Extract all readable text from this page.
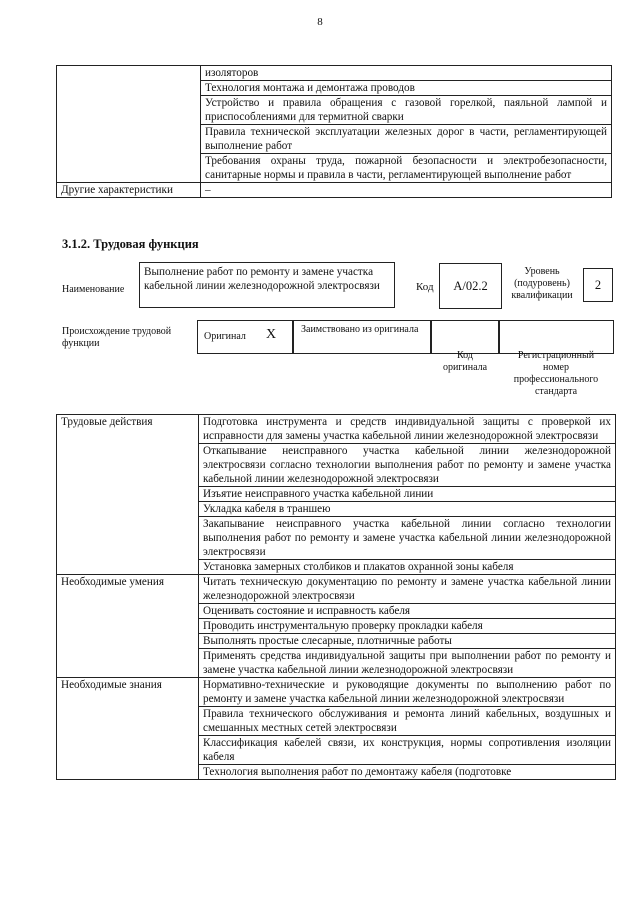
8
	изоляторов
	Технология монтажа и демонтажа проводов
	Устройство и правила обращения с газовой горелкой, паяльной лампой и приспособлениями для термитной сварки
	Правила технической эксплуатации железных дорог в части, регламентирующей выполнение работ
	Требования охраны труда, пожарной безопасности и электробезопасности, санитарные нормы и правила в части, регламентирующей выполнение работ
Другие характеристики	–
3.1.2. Трудовая функция
Наименование
Выполнение работ по ремонту и замене участка кабельной линии железнодорожной электросвязи	Код	А/02.2
Уровень (подуровень) квалификации
2
Происхождение трудовой функции
Оригинал X Заимствовано из оригинала
Код оригинала
Регистрационный номер профессионального стандарта
Трудовые действия	Подготовка инструмента и средств индивидуальной защиты с проверкой их исправности для замены участка кабельной линии железнодорожной электросвязи
	Откапывание неисправного участка кабельной линии железнодорожной электросвязи согласно технологии выполнения работ по ремонту и замене участка кабельной линии железнодорожной электросвязи
	Изъятие неисправного участка кабельной линии
	Укладка кабеля в траншею
	Закапывание неисправного участка кабельной линии согласно технологии выполнения работ по ремонту и замене участка кабельной линии железнодорожной электросвязи
	Установка замерных столбиков и плакатов охранной зоны кабеля
Необходимые умения	Читать техническую документацию по ремонту и замене участка кабельной линии железнодорожной электросвязи
	Оценивать состояние и исправность кабеля
	Проводить инструментальную проверку прокладки кабеля
	Выполнять простые слесарные, плотничные работы
	Применять средства индивидуальной защиты при выполнении работ по ремонту и замене участка кабельной линии железнодорожной электросвязи
Необходимые знания	Нормативно-технические и руководящие документы по выполнению работ по ремонту и замене участка кабельной линии железнодорожной электросвязи
	Правила технического обслуживания и ремонта линий кабельных, воздушных и смешанных местных сетей электросвязи
	Классификация кабелей связи, их конструкция, нормы сопротивления изоляции кабеля
	Технология выполнения работ по демонтажу кабеля (подготовке
